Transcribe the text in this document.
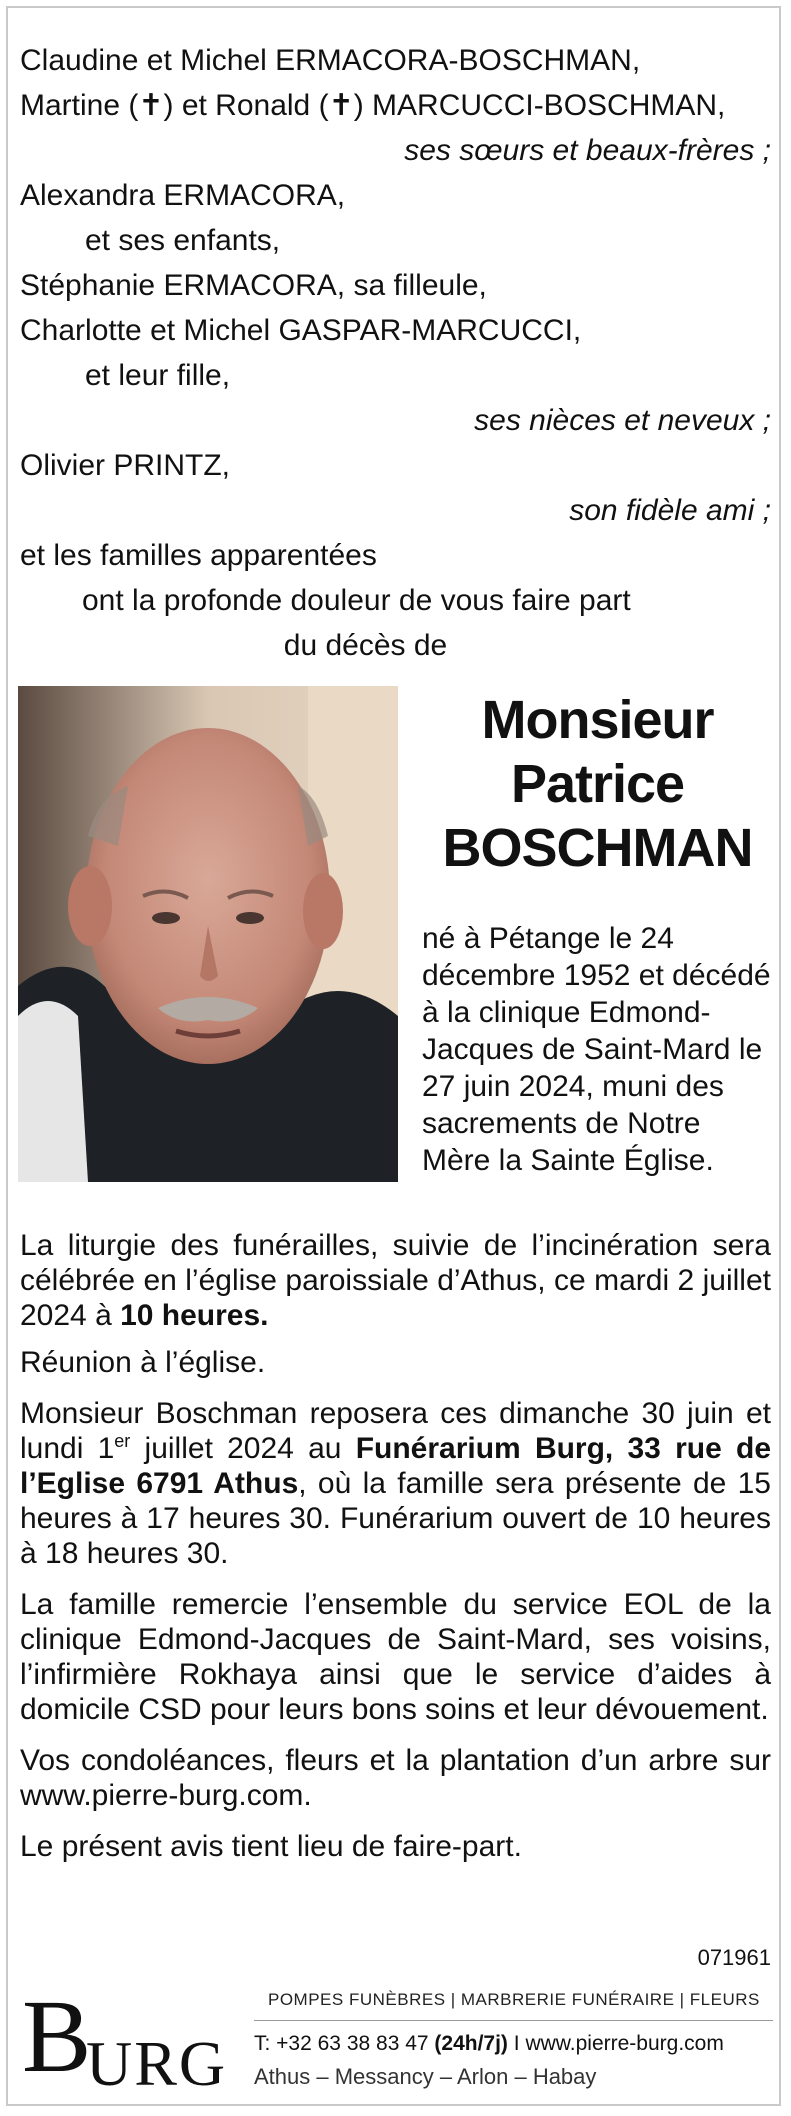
Claudine et Michel ERMACORA-BOSCHMAN,
Martine (✝) et Ronald (✝) MARCUCCI-BOSCHMAN,
ses sœurs et beaux-frères ;
Alexandra ERMACORA,
et ses enfants,
Stéphanie ERMACORA, sa filleule,
Charlotte et Michel GASPAR-MARCUCCI,
et leur fille,
ses nièces et neveux ;
Olivier PRINTZ,
son fidèle ami ;
et les familles apparentées
ont la profonde douleur de vous faire part
du décès de
Monsieur
Patrice
BOSCHMAN
né à Pétange le 24 décembre 1952 et décédé à la clinique Edmond-Jacques de Saint-Mard le 27 juin 2024, muni des sacrements de Notre Mère la Sainte Église.

La liturgie des funérailles, suivie de l’incinération sera célébrée en l’église paroissiale d’Athus, ce mardi 2 juillet 2024 à 10 heures.

Réunion à l’église.

Monsieur Boschman reposera ces dimanche 30 juin et lundi 1er juillet 2024 au Funérarium Burg, 33 rue de l’Eglise 6791 Athus, où la famille sera présente de 15 heures à 17 heures 30. Funérarium ouvert de 10 heures à 18 heures 30.

La famille remercie l’ensemble du service EOL de la clinique Edmond-Jacques de Saint-Mard, ses voisins, l’infirmière Rokhaya ainsi que le service d’aides à domicile CSD pour leurs bons soins et leur dévouement.

Vos condoléances, fleurs et la plantation d’un arbre sur www.pierre-burg.com.

Le présent avis tient lieu de faire-part.

071961
B
URG
POMPES FUNÈBRES | MARBRERIE FUNÉRAIRE | FLEURS
T: +32 63 38 83 47 (24h/7j) I www.pierre-burg.com
Athus – Messancy – Arlon – Habay
